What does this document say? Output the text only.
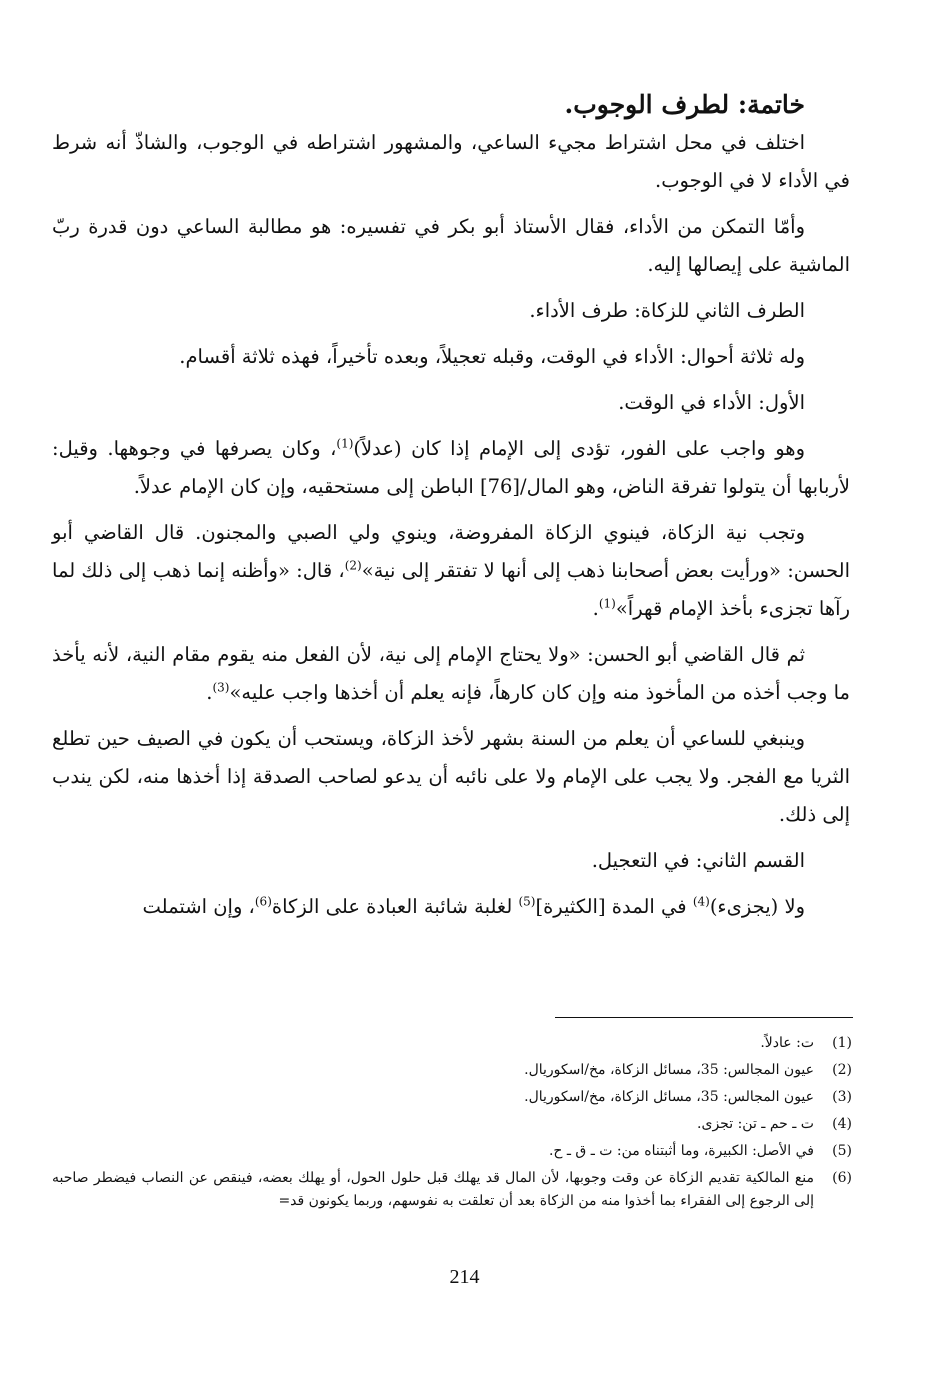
خاتمة: لطرف الوجوب.

اختلف في محل اشتراط مجيء الساعي، والمشهور اشتراطه في الوجوب، والشاذّ أنه شرط في الأداء لا في الوجوب.

وأمّا التمكن من الأداء، فقال الأستاذ أبو بكر في تفسيره: هو مطالبة الساعي دون قدرة ربّ الماشية على إيصالها إليه.

الطرف الثاني للزكاة: طرف الأداء.

وله ثلاثة أحوال: الأداء في الوقت، وقبله تعجيلاً، وبعده تأخيراً، فهذه ثلاثة أقسام.

الأول: الأداء في الوقت.

وهو واجب على الفور، تؤدى إلى الإمام إذا كان (عدلاً)$^{(1)}$، وكان يصرفها في وجوهها. وقيل: لأربابها أن يتولوا تفرقة الناض، وهو المال/[76] الباطن إلى مستحقيه، وإن كان الإمام عدلاً.

وتجب نية الزكاة، فينوي الزكاة المفروضة، وينوي ولي الصبي والمجنون. قال القاضي أبو الحسن: «ورأيت بعض أصحابنا ذهب إلى أنها لا تفتقر إلى نية»$^{(2)}$، قال: «وأظنه إنما ذهب إلى ذلك لما رآها تجزىء بأخذ الإمام قهراً»$^{(1)}$.

ثم قال القاضي أبو الحسن: «ولا يحتاج الإمام إلى نية، لأن الفعل منه يقوم مقام النية، لأنه يأخذ ما وجب أخذه من المأخوذ منه وإن كان كارهاً، فإنه يعلم أن أخذها واجب عليه»$^{(3)}$.

وينبغي للساعي أن يعلم من السنة بشهر لأخذ الزكاة، ويستحب أن يكون في الصيف حين تطلع الثريا مع الفجر. ولا يجب على الإمام ولا على نائبه أن يدعو لصاحب الصدقة إذا أخذها منه، لكن يندب إلى ذلك.

القسم الثاني: في التعجيل.

ولا (يجزىء)$^{(4)}$ في المدة [الكثيرة]$^{(5)}$ لغلبة شائبة العبادة على الزكاة$^{(6)}$، وإن اشتملت

(1)
ت: عادلاً.
(2)
عيون المجالس: 35، مسائل الزكاة، مخ/اسكوريال.
(3)
عيون المجالس: 35، مسائل الزكاة، مخ/اسكوريال.
(4)
ت ـ حم ـ تن: تجزى.
(5)
في الأصل: الكبيرة، وما أثبتناه من: ت ـ ق ـ ح.
(6)
منع المالكية تقديم الزكاة عن وقت وجوبها، لأن المال قد يهلك قبل حلول الحول، أو يهلك بعضه، فينقص عن النصاب فيضطر صاحبه إلى الرجوع إلى الفقراء بما أخذوا منه من الزكاة بعد أن تعلقت به نفوسهم، وربما يكونون قد=
214
